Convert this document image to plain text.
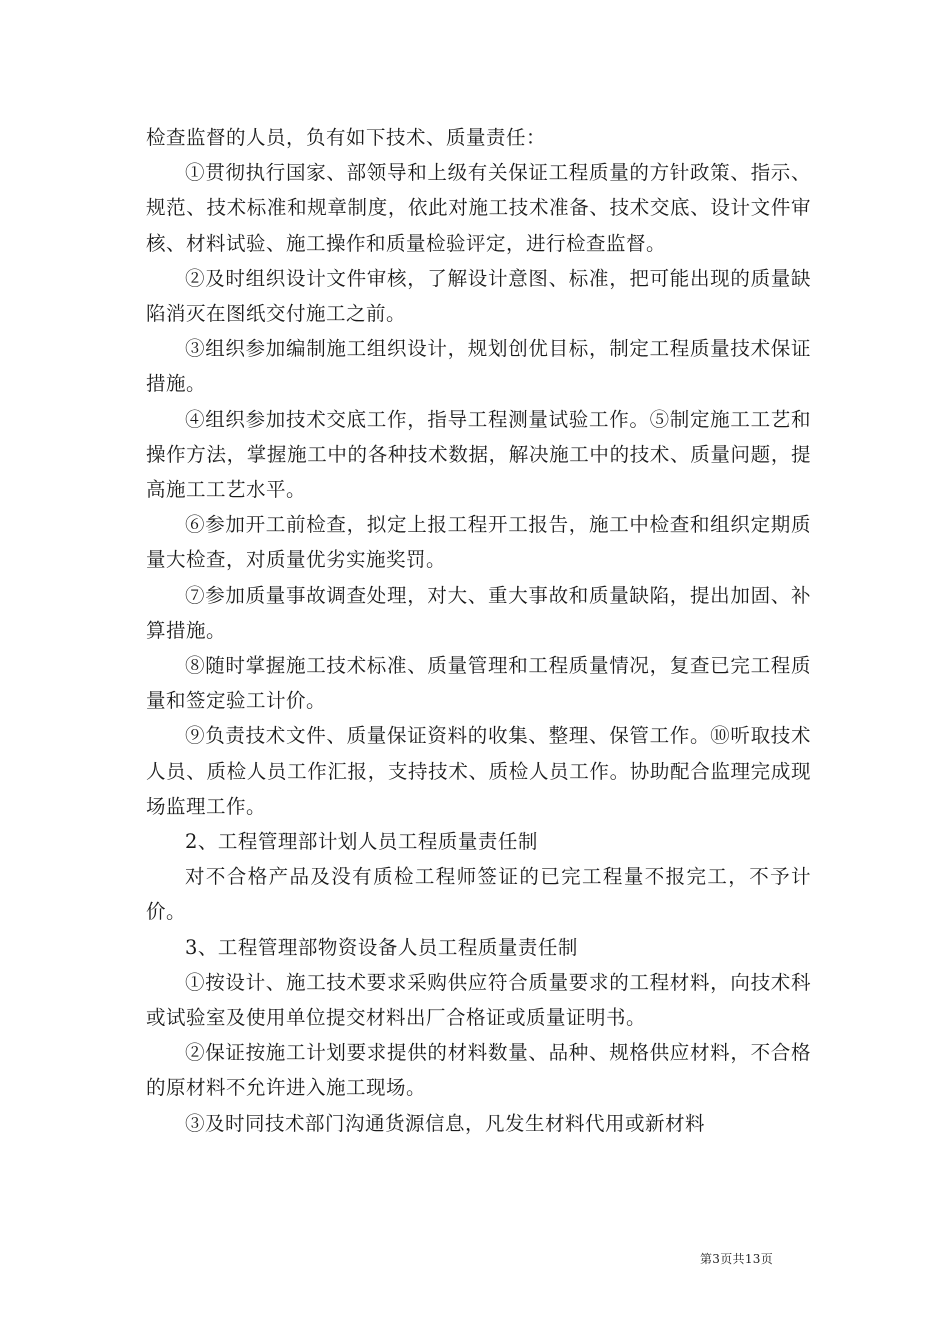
检查监督的人员，负有如下技术、质量责任：

①贯彻执行国家、部领导和上级有关保证工程质量的方针政策、指示、规范、技术标准和规章制度，依此对施工技术准备、技术交底、设计文件审核、材料试验、施工操作和质量检验评定，进行检查监督。

②及时组织设计文件审核，了解设计意图、标准，把可能出现的质量缺陷消灭在图纸交付施工之前。

③组织参加编制施工组织设计，规划创优目标，制定工程质量技术保证措施。

④组织参加技术交底工作，指导工程测量试验工作。⑤制定施工工艺和操作方法，掌握施工中的各种技术数据，解决施工中的技术、质量问题，提高施工工艺水平。

⑥参加开工前检查，拟定上报工程开工报告，施工中检查和组织定期质量大检查，对质量优劣实施奖罚。

⑦参加质量事故调查处理，对大、重大事故和质量缺陷，提出加固、补算措施。

⑧随时掌握施工技术标准、质量管理和工程质量情况，复查已完工程质量和签定验工计价。

⑨负责技术文件、质量保证资料的收集、整理、保管工作。⑩听取技术人员、质检人员工作汇报，支持技术、质检人员工作。协助配合监理完成现场监理工作。

2、工程管理部计划人员工程质量责任制

对不合格产品及没有质检工程师签证的已完工程量不报完工，不予计价。

3、工程管理部物资设备人员工程质量责任制

①按设计、施工技术要求采购供应符合质量要求的工程材料，向技术科或试验室及使用单位提交材料出厂合格证或质量证明书。

②保证按施工计划要求提供的材料数量、品种、规格供应材料，不合格的原材料不允许进入施工现场。

③及时同技术部门沟通货源信息，凡发生材料代用或新材料

第3页共13页
